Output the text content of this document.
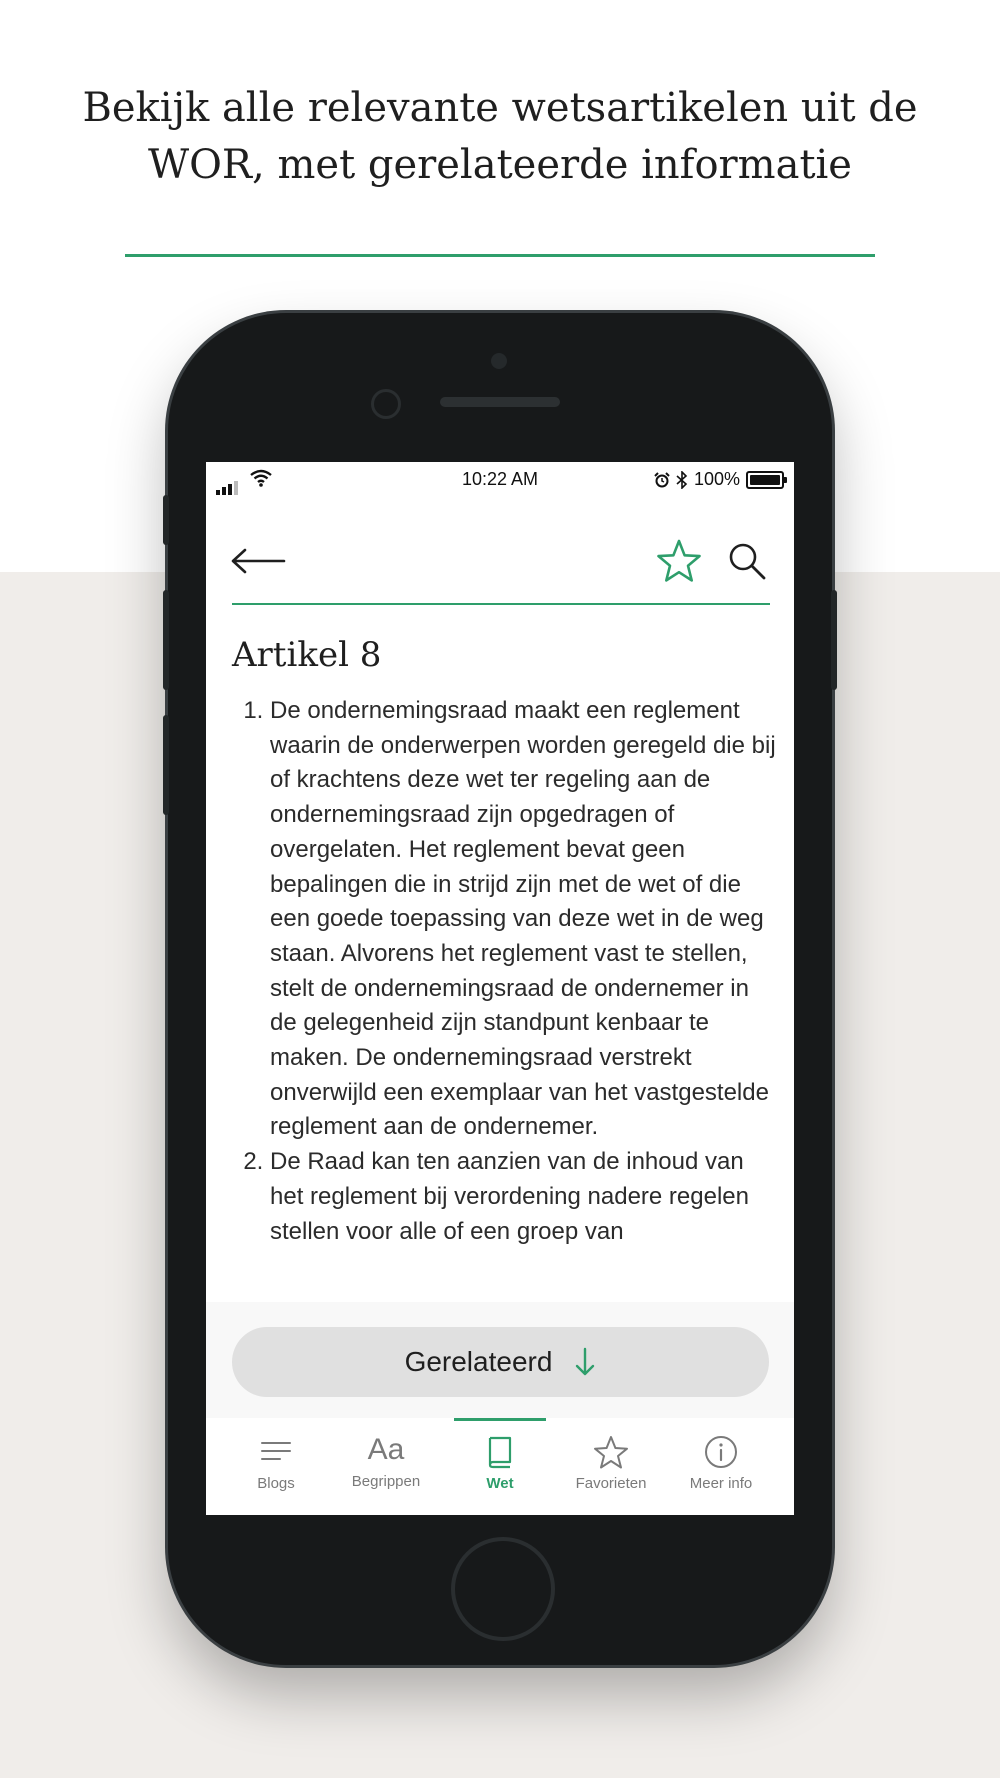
Bekijk alle relevante wetsartikelen uit de
WOR, met gerelateerde informatie
10:22 AM	100%
Artikel 8
1. De ondernemingsraad maakt een reglement waarin de onderwerpen worden geregeld die bij of krachtens deze wet ter regeling aan de ondernemingsraad zijn opgedragen of overgelaten. Het reglement bevat geen bepalingen die in strijd zijn met de wet of die een goede toepassing van deze wet in de weg staan. Alvorens het reglement vast te stellen, stelt de ondernemingsraad de ondernemer in de gelegenheid zijn standpunt kenbaar te maken. De ondernemingsraad verstrekt onverwijld een exemplaar van het vastgestelde reglement aan de ondernemer.
2. De Raad kan ten aanzien van de inhoud van het reglement bij verordening nadere regelen stellen voor alle of een groep van
Gerelateerd
Blogs
Aa
Begrippen	Wet	Favorieten	Meer info
